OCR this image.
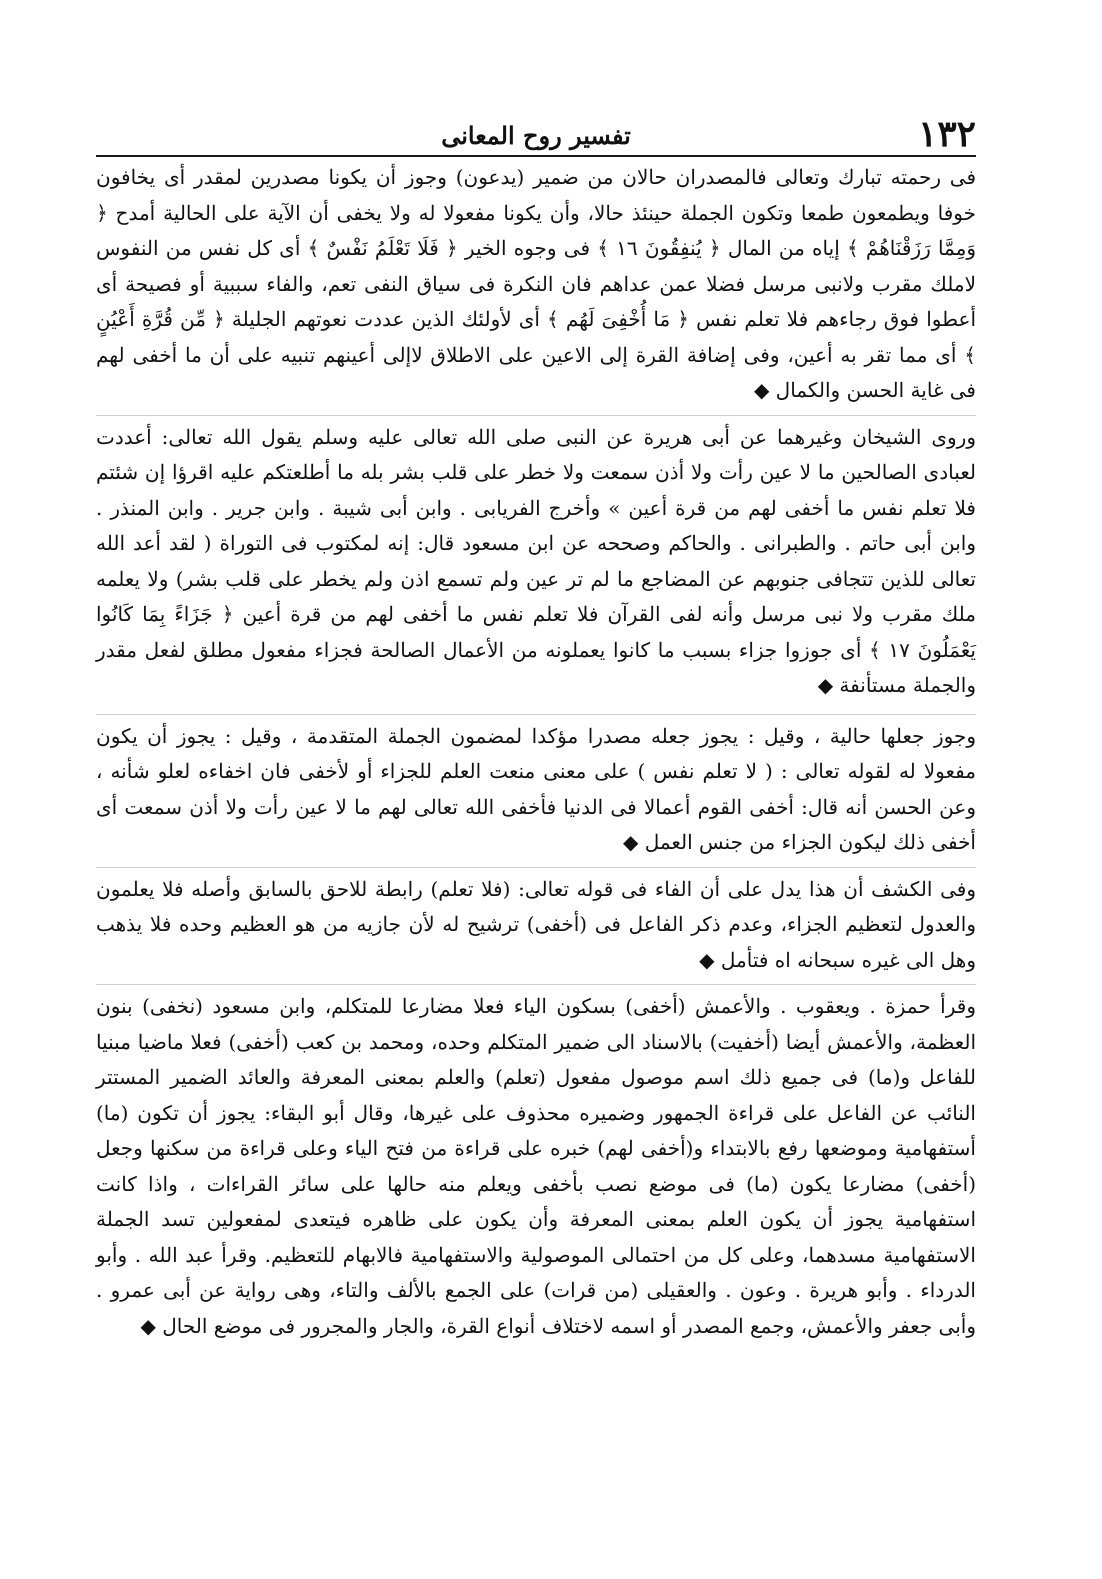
١٣٢
تفسير روح المعانى

فى رحمته تبارك وتعالى فالمصدران حالان من ضمير (يدعون) وجوز أن يكونا مصدرين لمقدر أى يخافون خوفا ويطمعون طمعا وتكون الجملة حينئذ حالا، وأن يكونا مفعولا له ولا يخفى أن الآية على الحالية أمدح ﴿ وَمِمَّا رَزَقْنَاهُمْ ﴾ إياه من المال ﴿ يُنفِقُونَ ١٦ ﴾ فى وجوه الخير ﴿ فَلَا تَعْلَمُ نَفْسٌ ﴾ أى كل نفس من النفوس لاملك مقرب ولانبى مرسل فضلا عمن عداهم فان النكرة فى سياق النفى تعم، والفاء سببية أو فصيحة أى أعطوا فوق رجاءهم فلا تعلم نفس ﴿ مَا أُخْفِىَ لَهُم ﴾ أى لأولئك الذين عددت نعوتهم الجليلة ﴿ مِّن قُرَّةِ أَعْيُنٍ ﴾ أى مما تقر به أعين، وفى إضافة القرة إلى الاعين على الاطلاق لاإلى أعينهم تنبيه على أن ما أخفى لهم فى غاية الحسن والكمال ◆

وروى الشيخان وغيرهما عن أبى هريرة عن النبى صلى الله تعالى عليه وسلم يقول الله تعالى: أعددت لعبادى الصالحين ما لا عين رأت ولا أذن سمعت ولا خطر على قلب بشر بله ما أطلعتكم عليه اقرؤا إن شئتم فلا تعلم نفس ما أخفى لهم من قرة أعين » وأخرج الفريابى . وابن أبى شيبة . وابن جرير . وابن المنذر . وابن أبى حاتم . والطبرانى . والحاكم وصححه عن ابن مسعود قال: إنه لمكتوب فى التوراة ( لقد أعد الله تعالى للذين تتجافى جنوبهم عن المضاجع ما لم تر عين ولم تسمع اذن ولم يخطر على قلب بشر) ولا يعلمه ملك مقرب ولا نبى مرسل وأنه لفى القرآن فلا تعلم نفس ما أخفى لهم من قرة أعين ﴿ جَزَاءً بِمَا كَانُوا يَعْمَلُونَ ١٧ ﴾ أى جوزوا جزاء بسبب ما كانوا يعملونه من الأعمال الصالحة فجزاء مفعول مطلق لفعل مقدر والجملة مستأنفة ◆

وجوز جعلها حالية ، وقيل : يجوز جعله مصدرا مؤكدا لمضمون الجملة المتقدمة ، وقيل : يجوز أن يكون مفعولا له لقوله تعالى : ( لا تعلم نفس ) على معنى منعت العلم للجزاء أو لأخفى فان اخفاءه لعلو شأنه ، وعن الحسن أنه قال: أخفى القوم أعمالا فى الدنيا فأخفى الله تعالى لهم ما لا عين رأت ولا أذن سمعت أى أخفى ذلك ليكون الجزاء من جنس العمل ◆

وفى الكشف أن هذا يدل على أن الفاء فى قوله تعالى: (فلا تعلم) رابطة للاحق بالسابق وأصله فلا يعلمون والعدول لتعظيم الجزاء، وعدم ذكر الفاعل فى (أخفى) ترشيح له لأن جازيه من هو العظيم وحده فلا يذهب وهل الى غيره سبحانه اه فتأمل ◆

وقرأ حمزة . ويعقوب . والأعمش (أخفى) بسكون الياء فعلا مضارعا للمتكلم، وابن مسعود (نخفى) بنون العظمة، والأعمش أيضا (أخفيت) بالاسناد الى ضمير المتكلم وحده، ومحمد بن كعب (أخفى) فعلا ماضيا مبنيا للفاعل و(ما) فى جميع ذلك اسم موصول مفعول (تعلم) والعلم بمعنى المعرفة والعائد الضمير المستتر النائب عن الفاعل على قراءة الجمهور وضميره محذوف على غيرها، وقال أبو البقاء: يجوز أن تكون (ما) أستفهامية وموضعها رفع بالابتداء و(أخفى لهم) خبره على قراءة من فتح الياء وعلى قراءة من سكنها وجعل (أخفى) مضارعا يكون (ما) فى موضع نصب بأخفى ويعلم منه حالها على سائر القراءات ، واذا كانت استفهامية يجوز أن يكون العلم بمعنى المعرفة وأن يكون على ظاهره فيتعدى لمفعولين تسد الجملة الاستفهامية مسدهما، وعلى كل من احتمالى الموصولية والاستفهامية فالابهام للتعظيم. وقرأ عبد الله . وأبو الدرداء . وأبو هريرة . وعون . والعقيلى (من قرات) على الجمع بالألف والتاء، وهى رواية عن أبى عمرو . وأبى جعفر والأعمش، وجمع المصدر أو اسمه لاختلاف أنواع القرة، والجار والمجرور فى موضع الحال ◆
